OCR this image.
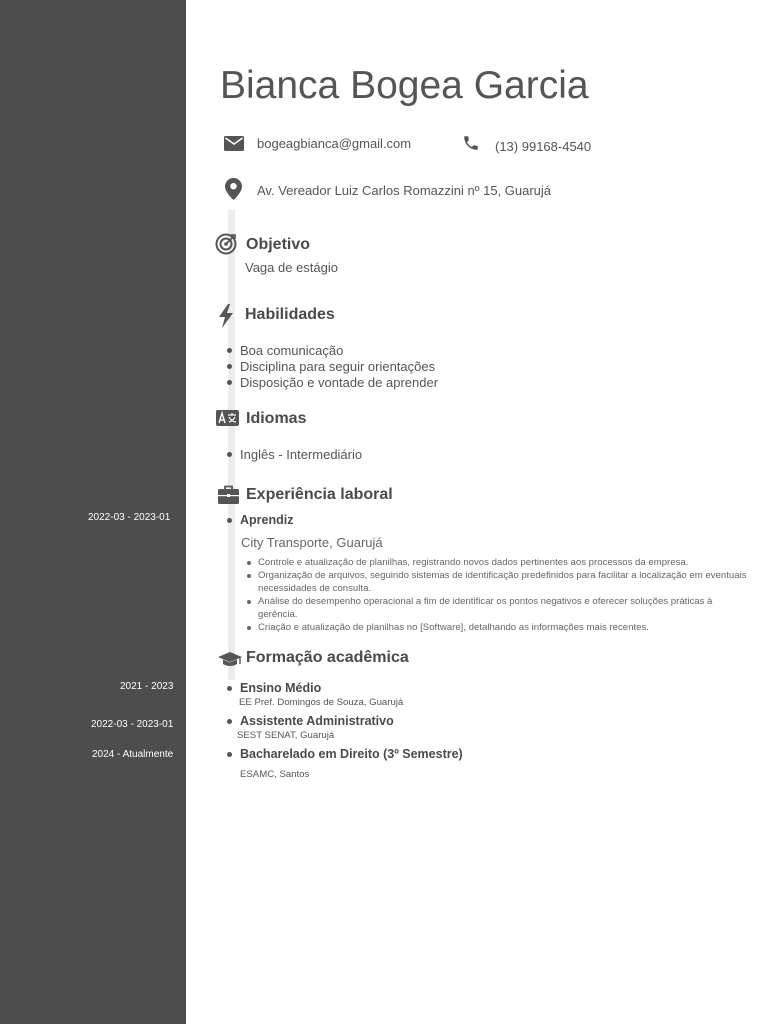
2022-03 - 2023-01
2021 - 2023
2022-03 - 2023-01
2024 - Atualmente
Bianca Bogea Garcia
bogeagbianca@gmail.com	(13) 99168-4540
Av. Vereador Luiz Carlos Romazzini nº 15, Guarujá
Objetivo
Vaga de estágio
Habilidades
Boa comunicação
Disciplina para seguir orientações
Disposição e vontade de aprender
Idiomas
Inglês - Intermediário
Experiência laboral
Aprendiz
City Transporte, Guarujá
Controle e atualização de planilhas, registrando novos dados pertinentes aos processos da empresa.
Organização de arquivos, seguindo sistemas de identificação predefinidos para facilitar a localização em eventuais necessidades de consulta.
Análise do desempenho operacional a fim de identificar os pontos negativos e oferecer soluções práticas à gerência.
Criação e atualização de planilhas no [Software], detalhando as informações mais recentes.
Formação acadêmica
Ensino Médio
EE Pref. Domingos de Souza, Guarujá
Assistente Administrativo
SEST SENAT, Guarujá
Bacharelado em Direito (3º Semestre)
ESAMC, Santos
